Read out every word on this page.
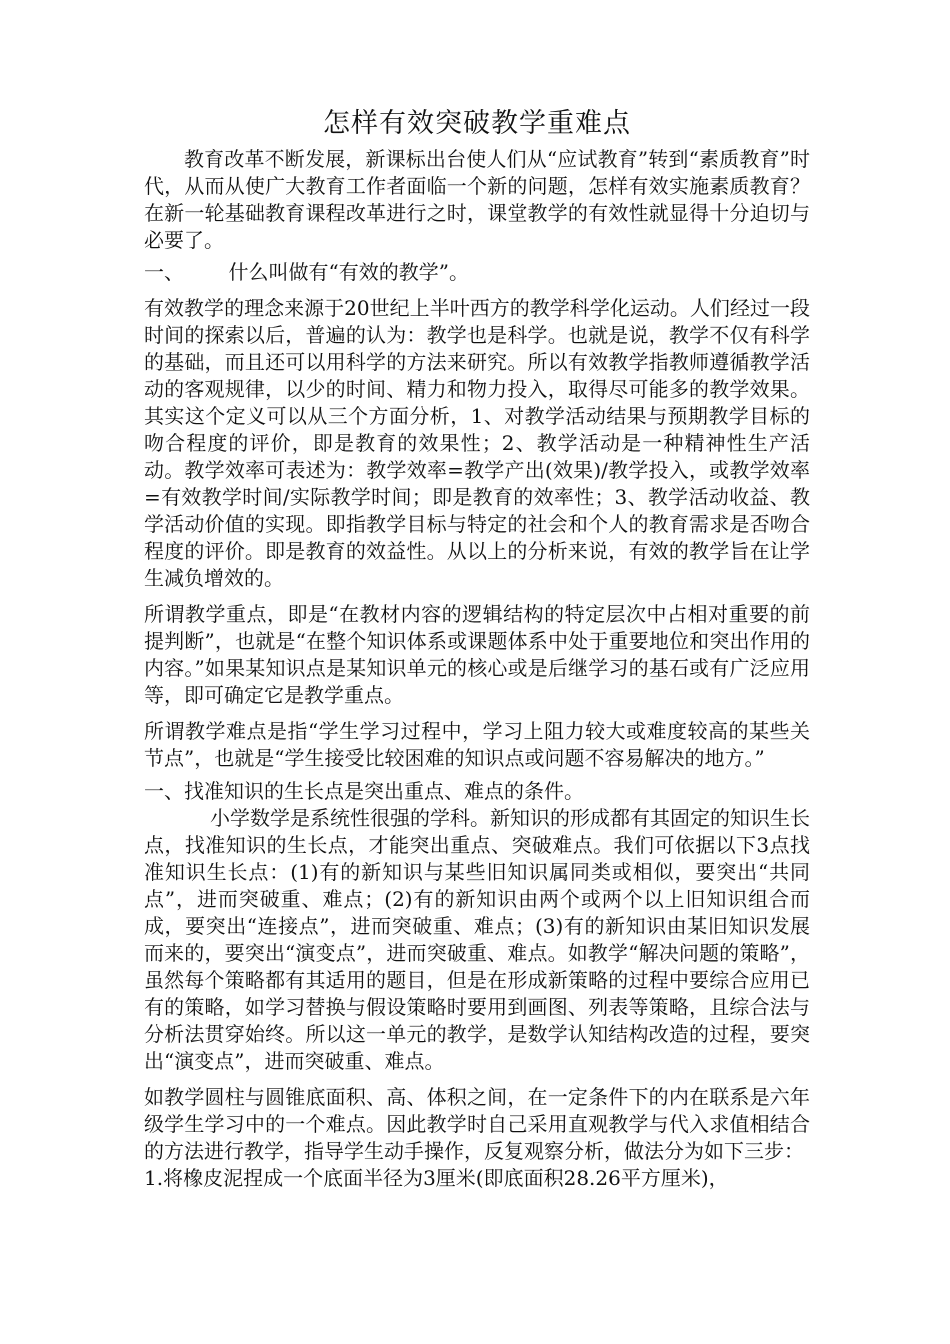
怎样有效突破教学重难点

教育改革不断发展，新课标出台使人们从“应试教育”转到“素质教育”时代，从而从使广大教育工作者面临一个新的问题，怎样有效实施素质教育？在新一轮基础教育课程改革进行之时，课堂教学的有效性就显得十分迫切与必要了。

一、       什么叫做有“有效的教学”。

有效教学的理念来源于20世纪上半叶西方的教学科学化运动。人们经过一段时间的探索以后，普遍的认为：教学也是科学。也就是说，教学不仅有科学的基础，而且还可以用科学的方法来研究。所以有效教学指教师遵循教学活动的客观规律，以少的时间、精力和物力投入，取得尽可能多的教学效果。其实这个定义可以从三个方面分析，1、对教学活动结果与预期教学目标的吻合程度的评价，即是教育的效果性；2、教学活动是一种精神性生产活动。教学效率可表述为：教学效率=教学产出(效果)/教学投入，或教学效率=有效教学时间/实际教学时间；即是教育的效率性；3、教学活动收益、教学活动价值的实现。即指教学目标与特定的社会和个人的教育需求是否吻合程度的评价。即是教育的效益性。从以上的分析来说，有效的教学旨在让学生减负增效的。

所谓教学重点，即是“在教材内容的逻辑结构的特定层次中占相对重要的前提判断”，也就是“在整个知识体系或课题体系中处于重要地位和突出作用的内容。”如果某知识点是某知识单元的核心或是后继学习的基石或有广泛应用等，即可确定它是教学重点。

所谓教学难点是指“学生学习过程中，学习上阻力较大或难度较高的某些关节点”，也就是“学生接受比较困难的知识点或问题不容易解决的地方。”

一、找准知识的生长点是突出重点、难点的条件。

小学数学是系统性很强的学科。新知识的形成都有其固定的知识生长点，找准知识的生长点，才能突出重点、突破难点。我们可依据以下3点找准知识生长点：(1)有的新知识与某些旧知识属同类或相似，要突出“共同点”，进而突破重、难点；(2)有的新知识由两个或两个以上旧知识组合而成，要突出“连接点”，进而突破重、难点；(3)有的新知识由某旧知识发展而来的，要突出“演变点”，进而突破重、难点。如教学“解决问题的策略”，虽然每个策略都有其适用的题目，但是在形成新策略的过程中要综合应用已有的策略，如学习替换与假设策略时要用到画图、列表等策略，且综合法与分析法贯穿始终。所以这一单元的教学，是数学认知结构改造的过程，要突出“演变点”，进而突破重、难点。

如教学圆柱与圆锥底面积、高、体积之间，在一定条件下的内在联系是六年级学生学习中的一个难点。因此教学时自己采用直观教学与代入求值相结合的方法进行教学，指导学生动手操作，反复观察分析，做法分为如下三步：

1.将橡皮泥捏成一个底面半径为3厘米(即底面积28.26平方厘米)，
